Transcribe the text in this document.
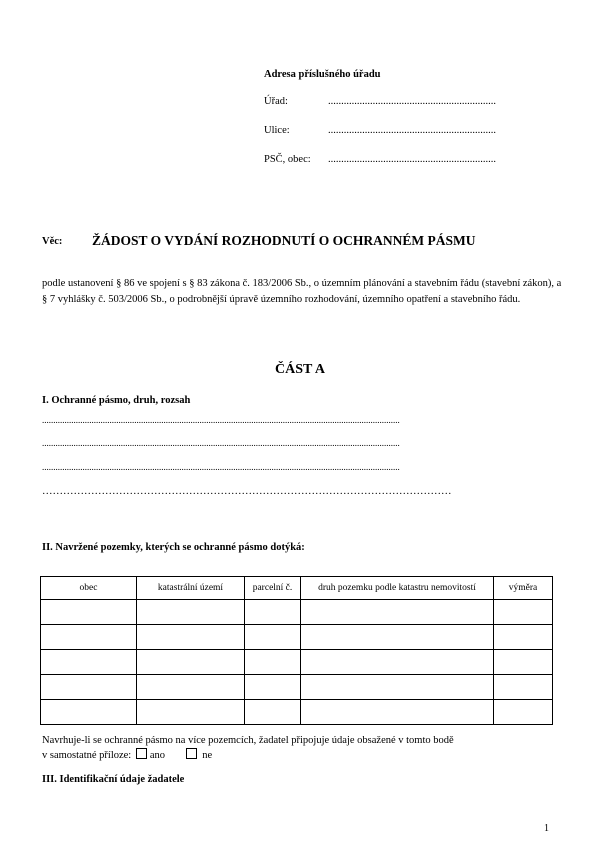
Adresa příslušného úřadu
Úřad:	................................................................
Ulice:	................................................................
PSČ, obec: ................................................................
Věc: ŽÁDOST O VYDÁNÍ ROZHODNUTÍ O OCHRANNÉM PÁSMU
podle ustanovení § 86 ve spojení s § 83 zákona č. 183/2006 Sb., o územním plánování a stavebním řádu (stavební zákon), a § 7 vyhlášky č. 503/2006 Sb., o podrobnější úpravě územního rozhodování, územního opatření a stavebního řádu.
ČÁST A
I. Ochranné pásmo, druh, rozsah
...............................................................................................................................................................
...............................................................................................................................................................
...............................................................................................................................................................
………………………………………………………………………………………………………
II. Navržené pozemky, kterých se ochranné pásmo dotýká:
obec	katastrální území	parcelní č.	druh pozemku podle katastru nemovitostí	výměra

Navrhuje-li se ochranné pásmo na více pozemcích, žadatel připojuje údaje obsažené v tomto bodě
v samostatné příloze: ano	ne
III. Identifikační údaje žadatele
1
